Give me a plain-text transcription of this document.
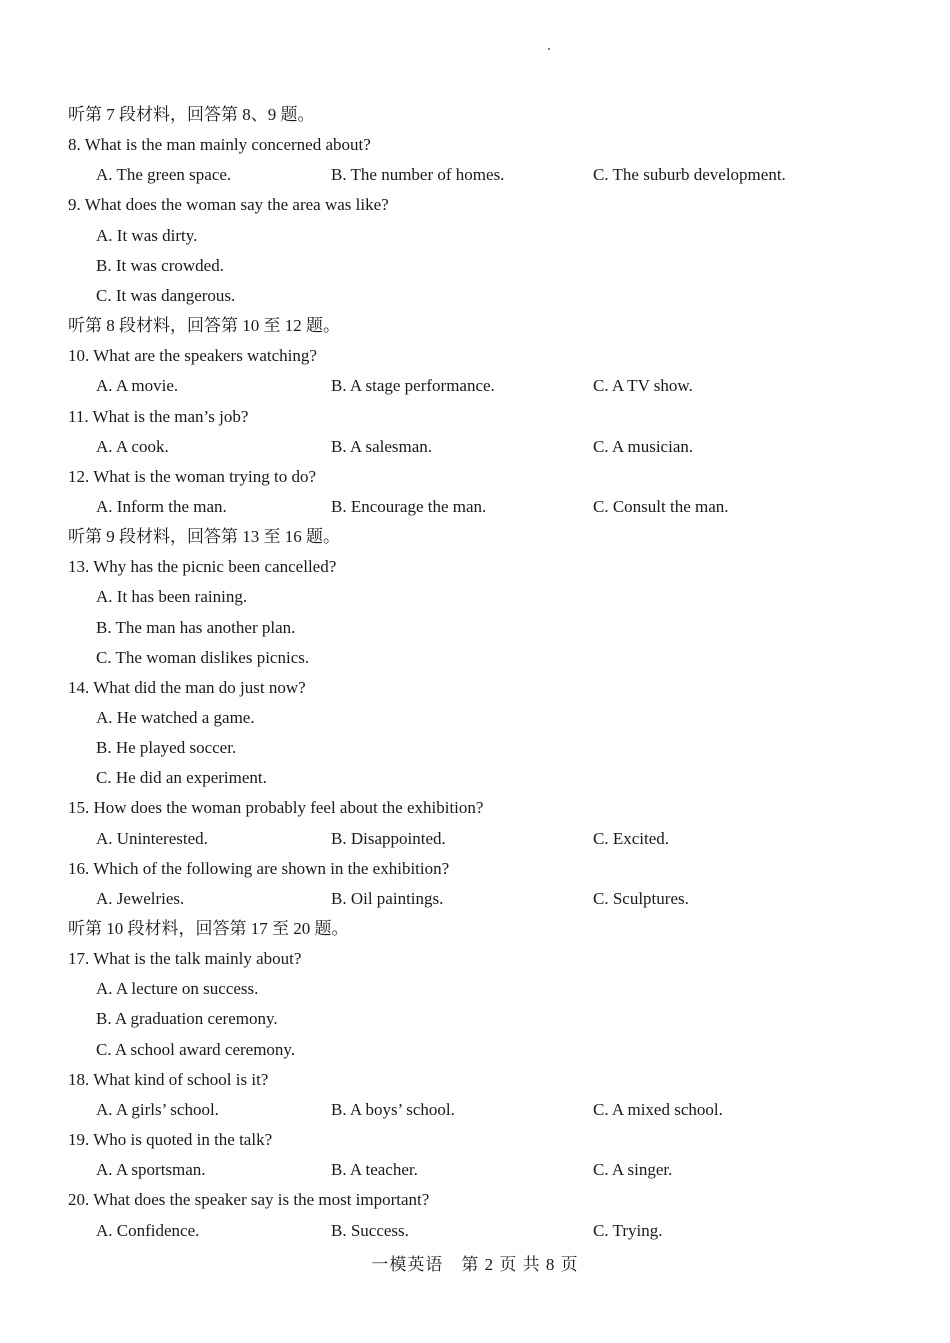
听第 7 段材料，回答第 8、9 题。
8. What is the man mainly concerned about?
A. The green space.	B. The number of homes.	C. The suburb development.
9. What does the woman say the area was like?
A. It was dirty.
B. It was crowded.
C. It was dangerous.
听第 8 段材料，回答第 10 至 12 题。
10. What are the speakers watching?
A. A movie.	B. A stage performance.	C. A TV show.
11. What is the man’s job?
A. A cook.	B. A salesman.	C. A musician.
12. What is the woman trying to do?
A. Inform the man.	B. Encourage the man.	C. Consult the man.
听第 9 段材料，回答第 13 至 16 题。
13. Why has the picnic been cancelled?
A. It has been raining.
B. The man has another plan.
C. The woman dislikes picnics.
14. What did the man do just now?
A. He watched a game.
B. He played soccer.
C. He did an experiment.
15. How does the woman probably feel about the exhibition?
A. Uninterested.	B. Disappointed.	C. Excited.
16. Which of the following are shown in the exhibition?
A. Jewelries.	B. Oil paintings.	C. Sculptures.
听第 10 段材料，回答第 17 至 20 题。
17. What is the talk mainly about?
A. A lecture on success.
B. A graduation ceremony.
C. A school award ceremony.
18. What kind of school is it?
A. A girls’ school.	B. A boys’ school.	C. A mixed school.
19. Who is quoted in the talk?
A. A sportsman.	B. A teacher.	C. A singer.
20. What does the speaker say is the most important?
A. Confidence.	B. Success.	C. Trying.
一模英语　第 2 页 共 8 页
